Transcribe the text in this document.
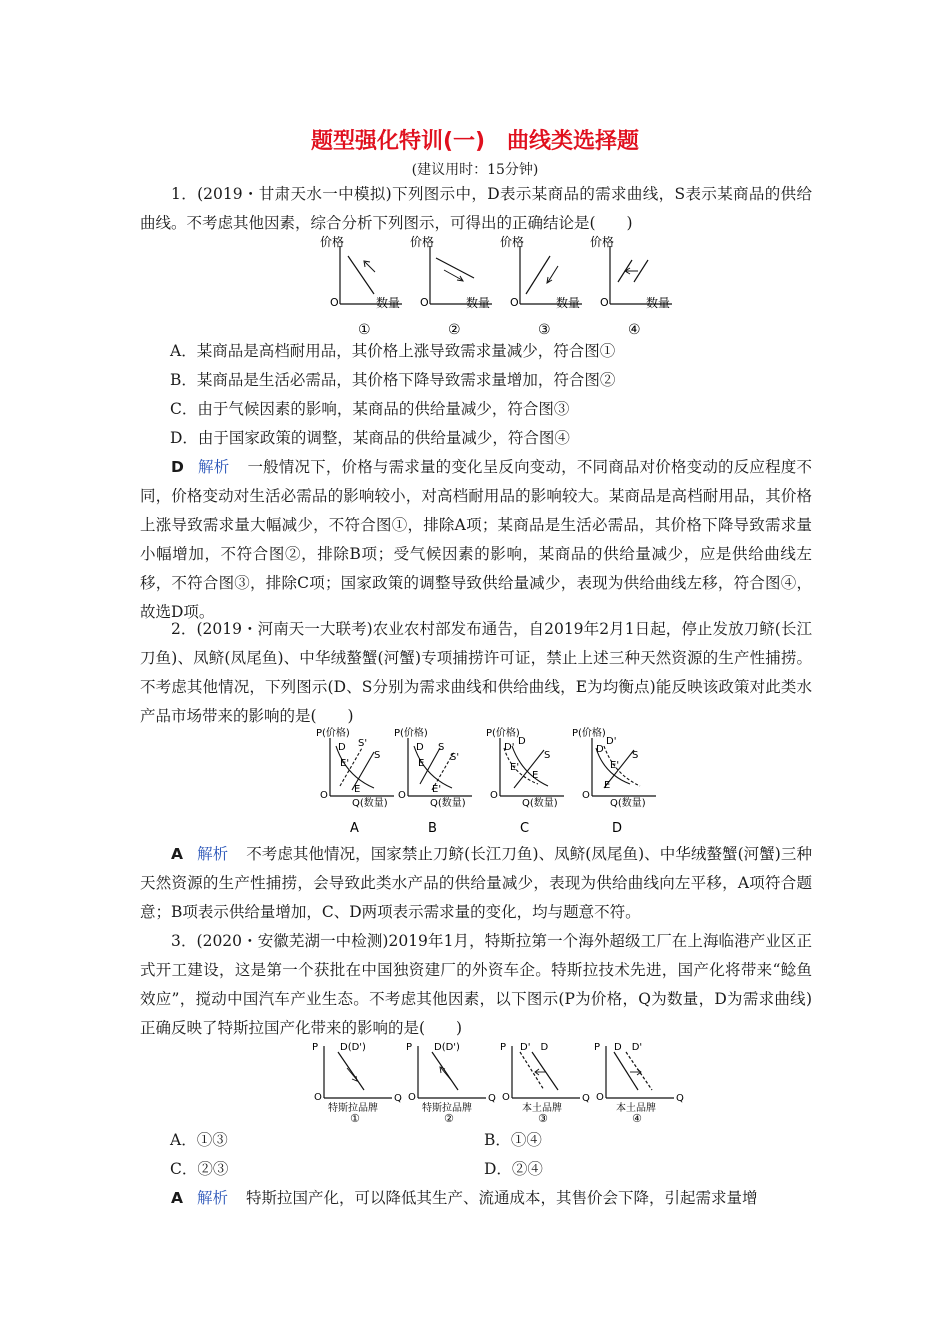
题型强化特训(一)　曲线类选择题
(建议用时：15分钟)
1．(2019・甘肃天水一中模拟)下列图示中，D表示某商品的需求曲线，S表示某商品的供给曲线。不考虑其他因素，综合分析下列图示，可得出的正确结论是(　　)
价格
O	数量
①
价格
O	数量
②
价格
O	数量
③
价格
O	数量
④
A．某商品是高档耐用品，其价格上涨导致需求量减少，符合图①
B．某商品是生活必需品，其价格下降导致需求量增加，符合图②
C．由于气候因素的影响，某商品的供给量减少，符合图③
D．由于国家政策的调整，某商品的供给量减少，符合图④
D 解析 一般情况下，价格与需求量的变化呈反向变动，不同商品对价格变动的反应程度不同，价格变动对生活必需品的影响较小，对高档耐用品的影响较大。某商品是高档耐用品，其价格上涨导致需求量大幅减少，不符合图①，排除A项；某商品是生活必需品，其价格下降导致需求量小幅增加，不符合图②，排除B项；受气候因素的影响，某商品的供给量减少，应是供给曲线左移，不符合图③，排除C项；国家政策的调整导致供给量减少，表现为供给曲线左移，符合图④，故选D项。
2．(2019・河南天一大联考)农业农村部发布通告，自2019年2月1日起，停止发放刀鲚(长江刀鱼)、凤鲚(凤尾鱼)、中华绒螯蟹(河蟹)专项捕捞许可证，禁止上述三种天然资源的生产性捕捞。不考虑其他情况，下列图示(D、S分别为需求曲线和供给曲线，E为均衡点)能反映该政策对此类水产品市场带来的影响的是(　　)
P(价格)
O
Q(数量)
D S'
S
E'
E
A
P(价格)
O
Q(数量)
D S
S'
E
E'
B
P(价格)
O
Q(数量)
D'
D
S
E'
E
C
P(价格)
O
Q(数量)
D'
D
S
E'
E
D
A 解析 不考虑其他情况，国家禁止刀鲚(长江刀鱼)、凤鲚(凤尾鱼)、中华绒螯蟹(河蟹)三种天然资源的生产性捕捞，会导致此类水产品的供给量减少，表现为供给曲线向左平移，A项符合题意；B项表示供给量增加，C、D两项表示需求量的变化，均与题意不符。
3．(2020・安徽芜湖一中检测)2019年1月，特斯拉第一个海外超级工厂在上海临港产业区正式开工建设，这是第一个获批在中国独资建厂的外资车企。特斯拉技术先进，国产化将带来“鲶鱼效应”，搅动中国汽车产业生态。不考虑其他因素，以下图示(P为价格，Q为数量，D为需求曲线)正确反映了特斯拉国产化带来的影响的是(　　)
P
O	Q
D(D')
特斯拉品牌
①
P
O	Q
D(D')
特斯拉品牌
②
P
O	Q
D'　D
本土品牌
③
P
O	Q
D　D'
本土品牌
④
A．①③	B．①④
C．②③	D．②④
A 解析 特斯拉国产化，可以降低其生产、流通成本，其售价会下降，引起需求量增
